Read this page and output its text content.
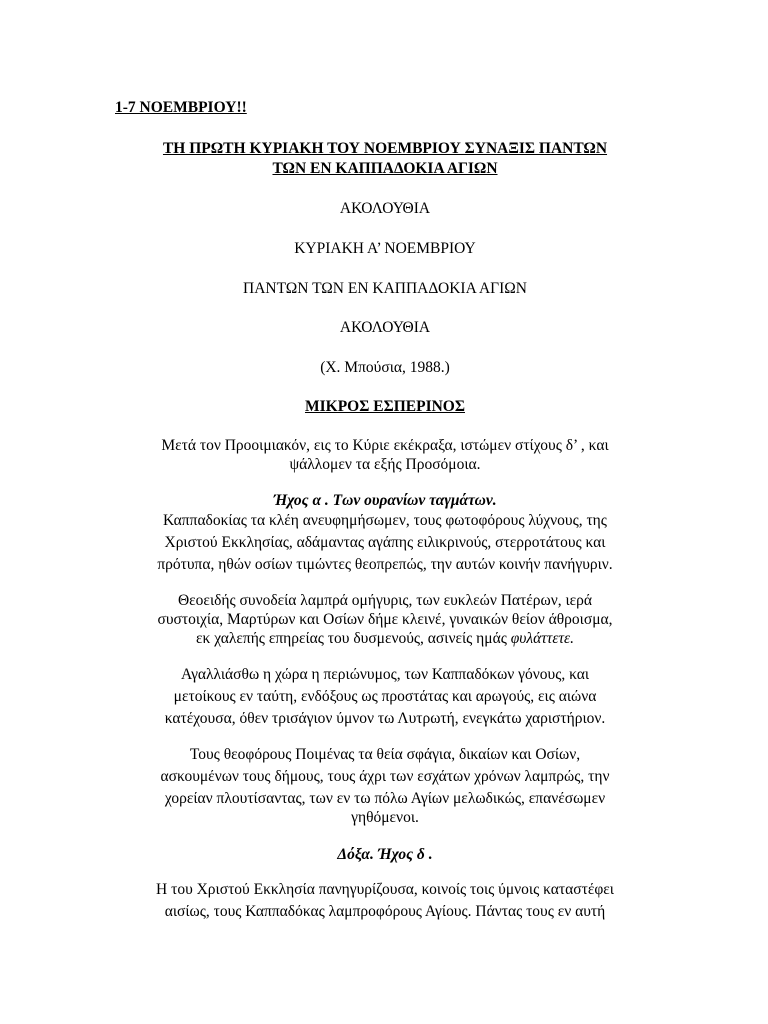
1-7 ΝΟΕΜΒΡΙΟΥ!!

ΤΗ ΠΡΩΤΗ ΚΥΡΙΑΚΗ ΤΟΥ ΝΟΕΜΒΡΙΟΥ ΣΥΝΑΞΙΣ ΠΑΝΤΩΝ

ΤΩΝ ΕΝ ΚΑΠΠΑΔΟΚΙΑ ΑΓΙΩΝ

ΑΚΟΛΟΥΘΙΑ

ΚΥΡΙΑΚΗ Α’ ΝΟΕΜΒΡΙΟΥ

ΠΑΝΤΩΝ ΤΩΝ ΕΝ ΚΑΠΠΑΔΟΚΙΑ ΑΓΙΩΝ

ΑΚΟΛΟΥΘΙΑ

(Χ. Μπούσια, 1988.)

ΜΙΚΡΟΣ ΕΣΠΕΡΙΝΟΣ

Μετά τον Προοιμιακόν, εις το Κύριε εκέκραξα, ιστώμεν στίχους δ’ , και

ψάλλομεν τα εξής Προσόμοια.

Ήχος α . Των ουρανίων ταγμάτων.

Καππαδοκίας τα κλέη ανευφημήσωμεν, τους φωτοφόρους λύχνους, της

Χριστού Εκκλησίας, αδάμαντας αγάπης ειλικρινούς, στερροτάτους και

πρότυπα, ηθών οσίων τιμώντες θεοπρεπώς, την αυτών κοινήν πανήγυριν.

Θεοειδής συνοδεία λαμπρά ομήγυρις, των ευκλεών Πατέρων, ιερά

συστοιχία, Μαρτύρων και Οσίων δήμε κλεινέ, γυναικών θείον άθροισμα,

εκ χαλεπής επηρείας του δυσμενούς, ασινείς ημάς φυλάττετε.

Αγαλλιάσθω η χώρα η περιώνυμος, των Καππαδόκων γόνους, και

μετοίκους εν ταύτη, ενδόξους ως προστάτας και αρωγούς, εις αιώνα

κατέχουσα, όθεν τρισάγιον ύμνον τω Λυτρωτή, ενεγκάτω χαριστήριον.

Τους θεοφόρους Ποιμένας τα θεία σφάγια, δικαίων και Οσίων,

ασκουμένων τους δήμους, τους άχρι των εσχάτων χρόνων λαμπρώς, την

χορείαν πλουτίσαντας, των εν τω πόλω Αγίων μελωδικώς, επανέσωμεν

γηθόμενοι.

Δόξα. Ήχος δ .

Η του Χριστού Εκκλησία πανηγυρίζουσα, κοινοίς τοις ύμνοις καταστέφει

αισίως, τους Καππαδόκας λαμπροφόρους Αγίους. Πάντας τους εν αυτή
